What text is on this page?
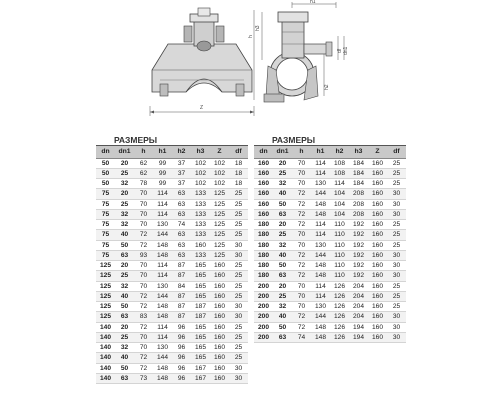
Z
h1
h
h3
h2
df dn1
РАЗМЕРЫ
dn	dn1	h	h1	h2	h3	Z	df
50	20	62	99	37	102	102	18
50	25	62	99	37	102	102	18
50	32	78	99	37	102	102	18
75	20	70	114	63	133	125	25
75	25	70	114	63	133	125	25
75	32	70	114	63	133	125	25
75	32	70	130	74	133	125	25
75	40	72	144	63	133	125	25
75	50	72	148	63	160	125	30
75	63	93	148	63	133	125	30
125	20	70	114	87	165	160	25
125	25	70	114	87	165	160	25
125	32	70	130	84	165	160	25
125	40	72	144	87	165	160	25
125	50	72	148	87	187	160	30
125	63	83	148	87	187	160	30
140	20	72	114	96	165	160	25
140	25	70	114	96	165	160	25
140	32	70	130	96	165	160	25
140	40	72	144	96	165	160	25
140	50	72	148	96	167	160	30
140	63	73	148	96	167	160	30
РАЗМЕРЫ
dn	dn1	h	h1	h2	h3	Z	df
160	20	70	114	108	184	160	25
160	25	70	114	108	184	160	25
160	32	70	130	114	184	160	25
160	40	72	144	104	208	160	30
160	50	72	148	104	208	160	30
160	63	72	148	104	208	160	30
180	20	72	114	110	192	160	25
180	25	70	114	110	192	160	25
180	32	70	130	110	192	160	25
180	40	72	144	110	192	160	30
180	50	72	148	110	192	160	30
180	63	72	148	110	192	160	30
200	20	70	114	126	204	160	25
200	25	70	114	126	204	160	25
200	32	70	130	126	204	160	25
200	40	72	144	126	204	160	30
200	50	72	148	126	194	160	30
200	63	74	148	126	194	160	30
